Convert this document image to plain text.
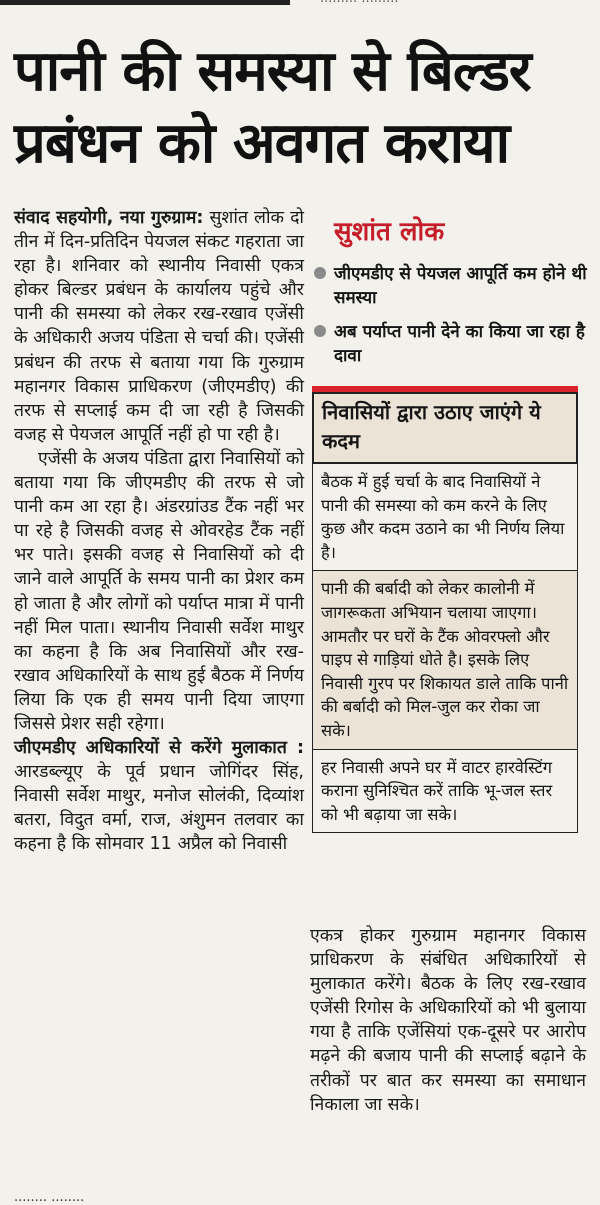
पानी की समस्या से बिल्डर
प्रबंधन को अवगत कराया

संवाद सहयोगी, नया गुरुग्राम: सुशांत लोक दो तीन में दिन-प्रतिदिन पेयजल संकट गहराता जा रहा है। शनिवार को स्थानीय निवासी एकत्र होकर बिल्डर प्रबंधन के कार्यालय पहुंचे और पानी की समस्या को लेकर रख-रखाव एजेंसी के अधिकारी अजय पंडिता से चर्चा की। एजेंसी प्रबंधन की तरफ से बताया गया कि गुरुग्राम महानगर विकास प्राधिकरण (जीएमडीए) की तरफ से सप्लाई कम दी जा रही है जिसकी वजह से पेयजल आपूर्ति नहीं हो पा रही है।

एजेंसी के अजय पंडिता द्वारा निवासियों को बताया गया कि जीएमडीए की तरफ से जो पानी कम आ रहा है। अंडरग्रांउड टैंक नहीं भर पा रहे है जिसकी वजह से ओवरहेड टैंक नहीं भर पाते। इसकी वजह से निवासियों को दी जाने वाले आपूर्ति के समय पानी का प्रेशर कम हो जाता है और लोगों को पर्याप्त मात्रा में पानी नहीं मिल पाता। स्थानीय निवासी सर्वेश माथुर का कहना है कि अब निवासियों और रख-रखाव अधिकारियों के साथ हुई बैठक में निर्णय लिया कि एक ही समय पानी दिया जाएगा जिससे प्रेशर सही रहेगा।

जीएमडीए अधिकारियों से करेंगे मुलाकात : आरडब्ल्यूए के पूर्व प्रधान जोगिंदर सिंह, निवासी सर्वेश माथुर, मनोज सोलंकी, दिव्यांश बतरा, विदुत वर्मा, राज, अंशुमन तलवार का कहना है कि सोमवार 11 अप्रैल को निवासी

सुशांत लोक
जीएमडीए से पेयजल आपूर्ति कम होने थी समस्या
अब पर्याप्त पानी देने का किया जा रहा है दावा
निवासियों द्वारा उठाए जाएंगे ये कदम
बैठक में हुई चर्चा के बाद निवासियों ने पानी की समस्या को कम करने के लिए कुछ और कदम उठाने का भी निर्णय लिया है।
पानी की बर्बादी को लेकर कालोनी में जागरूकता अभियान चलाया जाएगा। आमतौर पर घरों के टैंक ओवरफ्लो और पाइप से गाड़ियां धोते है। इसके लिए निवासी गुरप पर शिकायत डाले ताकि पानी की बर्बादी को मिल-जुल कर रोका जा सके।
हर निवासी अपने घर में वाटर हारवेस्टिंग कराना सुनिश्चित करें ताकि भू-जल स्तर को भी बढ़ाया जा सके।

एकत्र होकर गुरुग्राम महानगर विकास प्राधिकरण के संबंधित अधिकारियों से मुलाकात करेंगे। बैठक के लिए रख-रखाव एजेंसी रिगोस के अधिकारियों को भी बुलाया गया है ताकि एजेंसियां एक-दूसरे पर आरोप मढ़ने की बजाय पानी की सप्लाई बढ़ाने के तरीकों पर बात कर समस्या का समाधान निकाला जा सके।

........ ........
